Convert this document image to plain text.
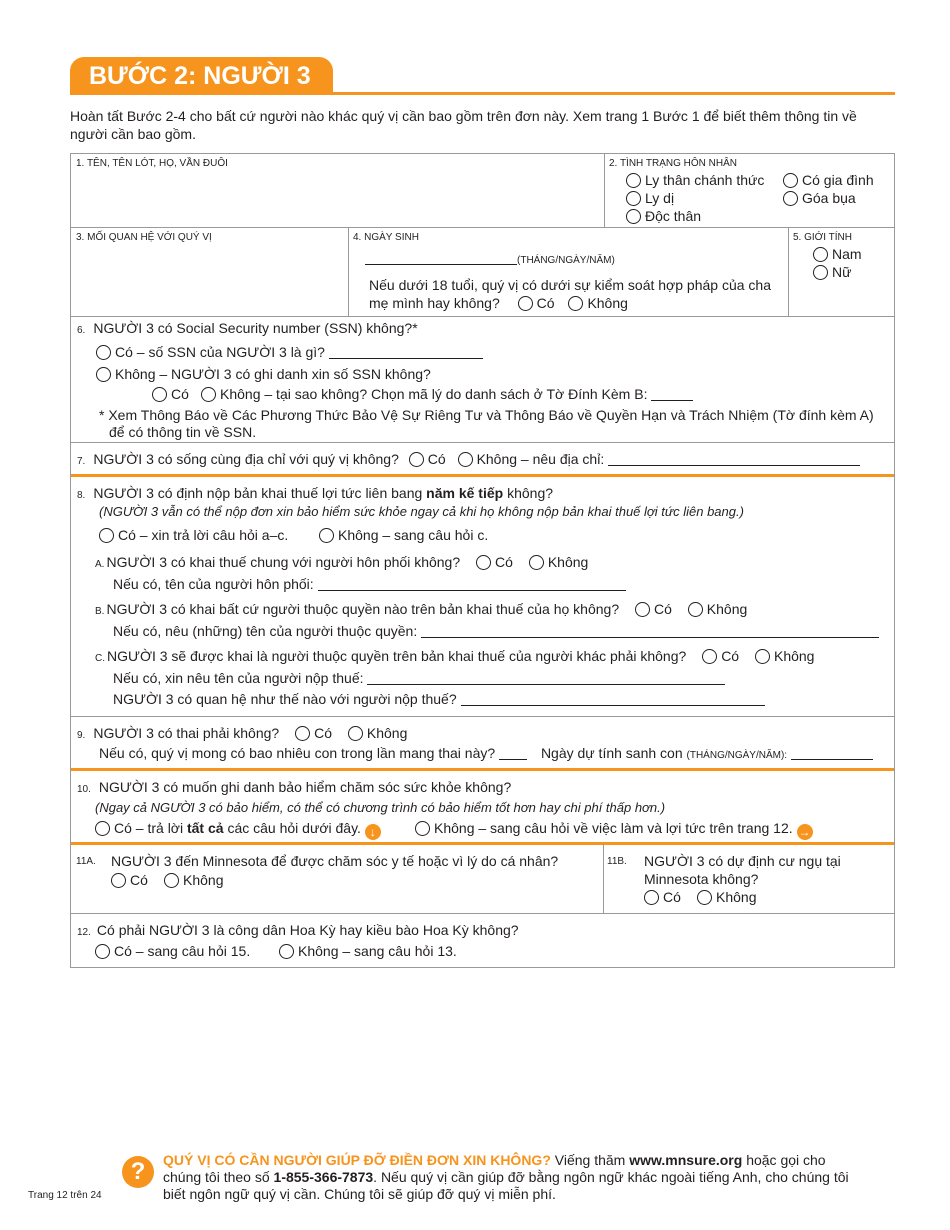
BƯỚC 2: NGƯỜI 3
Hoàn tất Bước 2-4 cho bất cứ người nào khác quý vị cần bao gồm trên đơn này. Xem trang 1 Bước 1 để biết thêm thông tin về người cần bao gồm.
1. TÊN, TÊN LÓT, HỌ, VẦN ĐUÔI	2. TÌNH TRẠNG HÔN NHÂN
Ly thân chánh thức	Có gia đình
Ly dị	Góa bụa
Độc thân
3. MỐI QUAN HỆ VỚI QUÝ VỊ	4. NGÀY SINH
(THÁNG/NGÀY/NĂM)
Nếu dưới 18 tuổi, quý vị có dưới sự kiểm soát hợp pháp của cha
mẹ mình hay không?	Có Không
5. GIỚI TÍNH
Nam
Nữ
6. NGƯỜI 3 có Social Security number (SSN) không?*
Có – số SSN của NGƯỜI 3 là gì?
Không – NGƯỜI 3 có ghi danh xin số SSN không?
Có	Không – tại sao không? Chọn mã lý do danh sách ở Tờ Đính Kèm B:
* Xem Thông Báo về Các Phương Thức Bảo Vệ Sự Riêng Tư và Thông Báo về Quyền Hạn và Trách Nhiệm (Tờ đính kèm A)
để có thông tin về SSN.
7. NGƯỜI 3 có sống cùng địa chỉ với quý vị không? Có Không – nêu địa chỉ:
8. NGƯỜI 3 có định nộp bản khai thuế lợi tức liên bang năm kế tiếp không?
(NGƯỜI 3 vẫn có thể nộp đơn xin bảo hiểm sức khỏe ngay cả khi họ không nộp bản khai thuế lợi tức liên bang.)
Có – xin trả lời câu hỏi a–c.	Không – sang câu hỏi c.
A. NGƯỜI 3 có khai thuế chung với người hôn phối không? Có Không
Nếu có, tên của người hôn phối:
B. NGƯỜI 3 có khai bất cứ người thuộc quyền nào trên bản khai thuế của họ không? Có Không
Nếu có, nêu (những) tên của người thuộc quyền:
C. NGƯỜI 3 sẽ được khai là người thuộc quyền trên bản khai thuế của người khác phải không? Có Không
Nếu có, xin nêu tên của người nộp thuế:
NGƯỜI 3 có quan hệ như thế nào với người nộp thuế?
9. NGƯỜI 3 có thai phải không? Có Không
Nếu có, quý vị mong có bao nhiêu con trong lần mang thai này?	Ngày dự tính sanh con (THÁNG/NGÀY/NĂM):
10. NGƯỜI 3 có muốn ghi danh bảo hiểm chăm sóc sức khỏe không?
(Ngay cả NGƯỜI 3 có bảo hiểm, có thể có chương trình có bảo hiểm tốt hơn hay chi phí thấp hơn.)
Có – trả lời tất cả các câu hỏi dưới đây. ↓	Không – sang câu hỏi về việc làm và lợi tức trên trang 12. →
11A. NGƯỜI 3 đến Minnesota để được chăm sóc y tế hoặc vì lý do cá nhân?
Có	Không
11B. NGƯỜI 3 có dự định cư ngụ tại
Minnesota không?
Có	Không
12. Có phải NGƯỜI 3 là công dân Hoa Kỳ hay kiều bào Hoa Kỳ không?
Có – sang câu hỏi 15.	Không – sang câu hỏi 13.
?	QUÝ VỊ CÓ CẦN NGƯỜI GIÚP ĐỠ ĐIỀN ĐƠN XIN KHÔNG? Viếng thăm www.mnsure.org hoặc gọi cho chúng tôi theo số 1-855-366-7873. Nếu quý vị cần giúp đỡ bằng ngôn ngữ khác ngoài tiếng Anh, cho chúng tôi biết ngôn ngữ quý vị cần. Chúng tôi sẽ giúp đỡ quý vị miễn phí.
Trang 12 trên 24
